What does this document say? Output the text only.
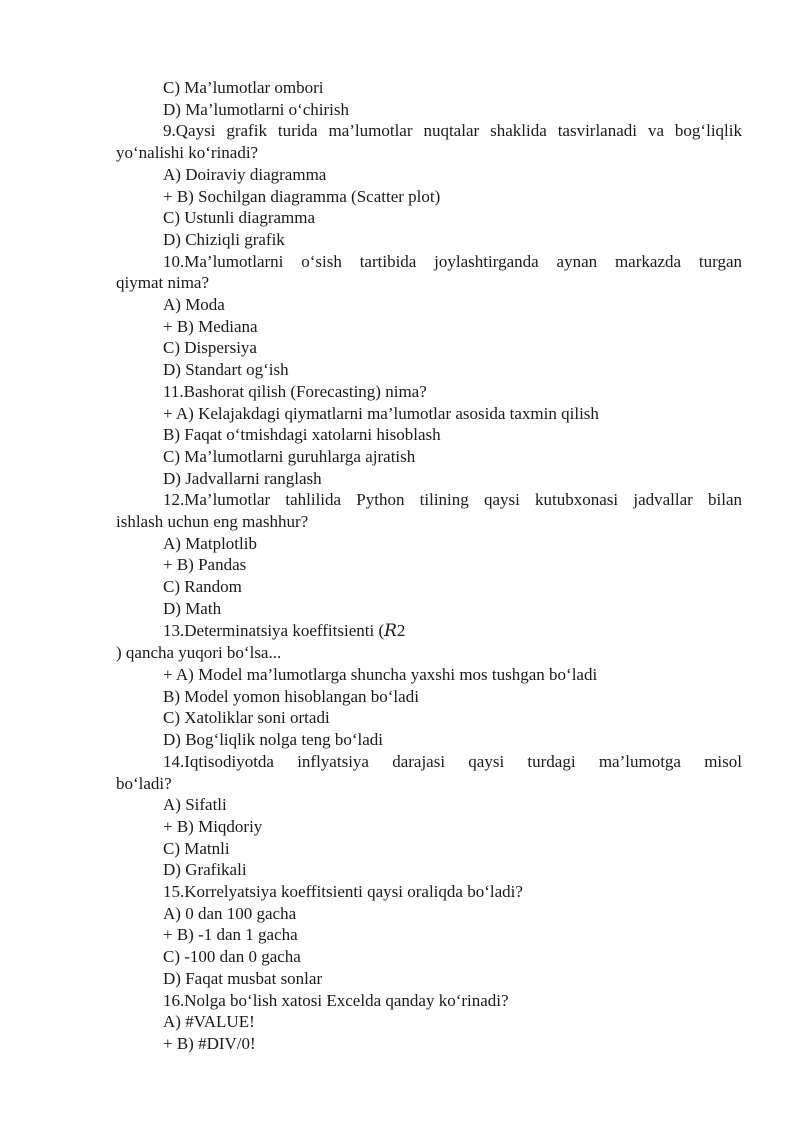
C) Ma’lumotlar ombori
D) Ma’lumotlarni o‘chirish
9.Qaysi grafik turida ma’lumotlar nuqtalar shaklida tasvirlanadi va bog‘liqlik
yo‘nalishi ko‘rinadi?
A) Doiraviy diagramma
+ B) Sochilgan diagramma (Scatter plot)
C) Ustunli diagramma
D) Chiziqli grafik
10.Ma’lumotlarni o‘sish tartibida joylashtirganda aynan markazda turgan
qiymat nima?
A) Moda
+ B) Mediana
C) Dispersiya
D) Standart og‘ish
11.Bashorat qilish (Forecasting) nima?
+ A) Kelajakdagi qiymatlarni ma’lumotlar asosida taxmin qilish
B) Faqat o‘tmishdagi xatolarni hisoblash
C) Ma’lumotlarni guruhlarga ajratish
D) Jadvallarni ranglash
12.Ma’lumotlar tahlilida Python tilining qaysi kutubxonasi jadvallar bilan
ishlash uchun eng mashhur?
A) Matplotlib
+ B) Pandas
C) Random
D) Math
13.Determinatsiya koeffitsienti (R2
) qancha yuqori bo‘lsa...
+ A) Model ma’lumotlarga shuncha yaxshi mos tushgan bo‘ladi
B) Model yomon hisoblangan bo‘ladi
C) Xatoliklar soni ortadi
D) Bog‘liqlik nolga teng bo‘ladi
14.Iqtisodiyotda inflyatsiya darajasi qaysi turdagi ma’lumotga misol
bo‘ladi?
A) Sifatli
+ B) Miqdoriy
C) Matnli
D) Grafikali
15.Korrelyatsiya koeffitsienti qaysi oraliqda bo‘ladi?
A) 0 dan 100 gacha
+ B) -1 dan 1 gacha
C) -100 dan 0 gacha
D) Faqat musbat sonlar
16.Nolga bo‘lish xatosi Excelda qanday ko‘rinadi?
A) #VALUE!
+ B) #DIV/0!
